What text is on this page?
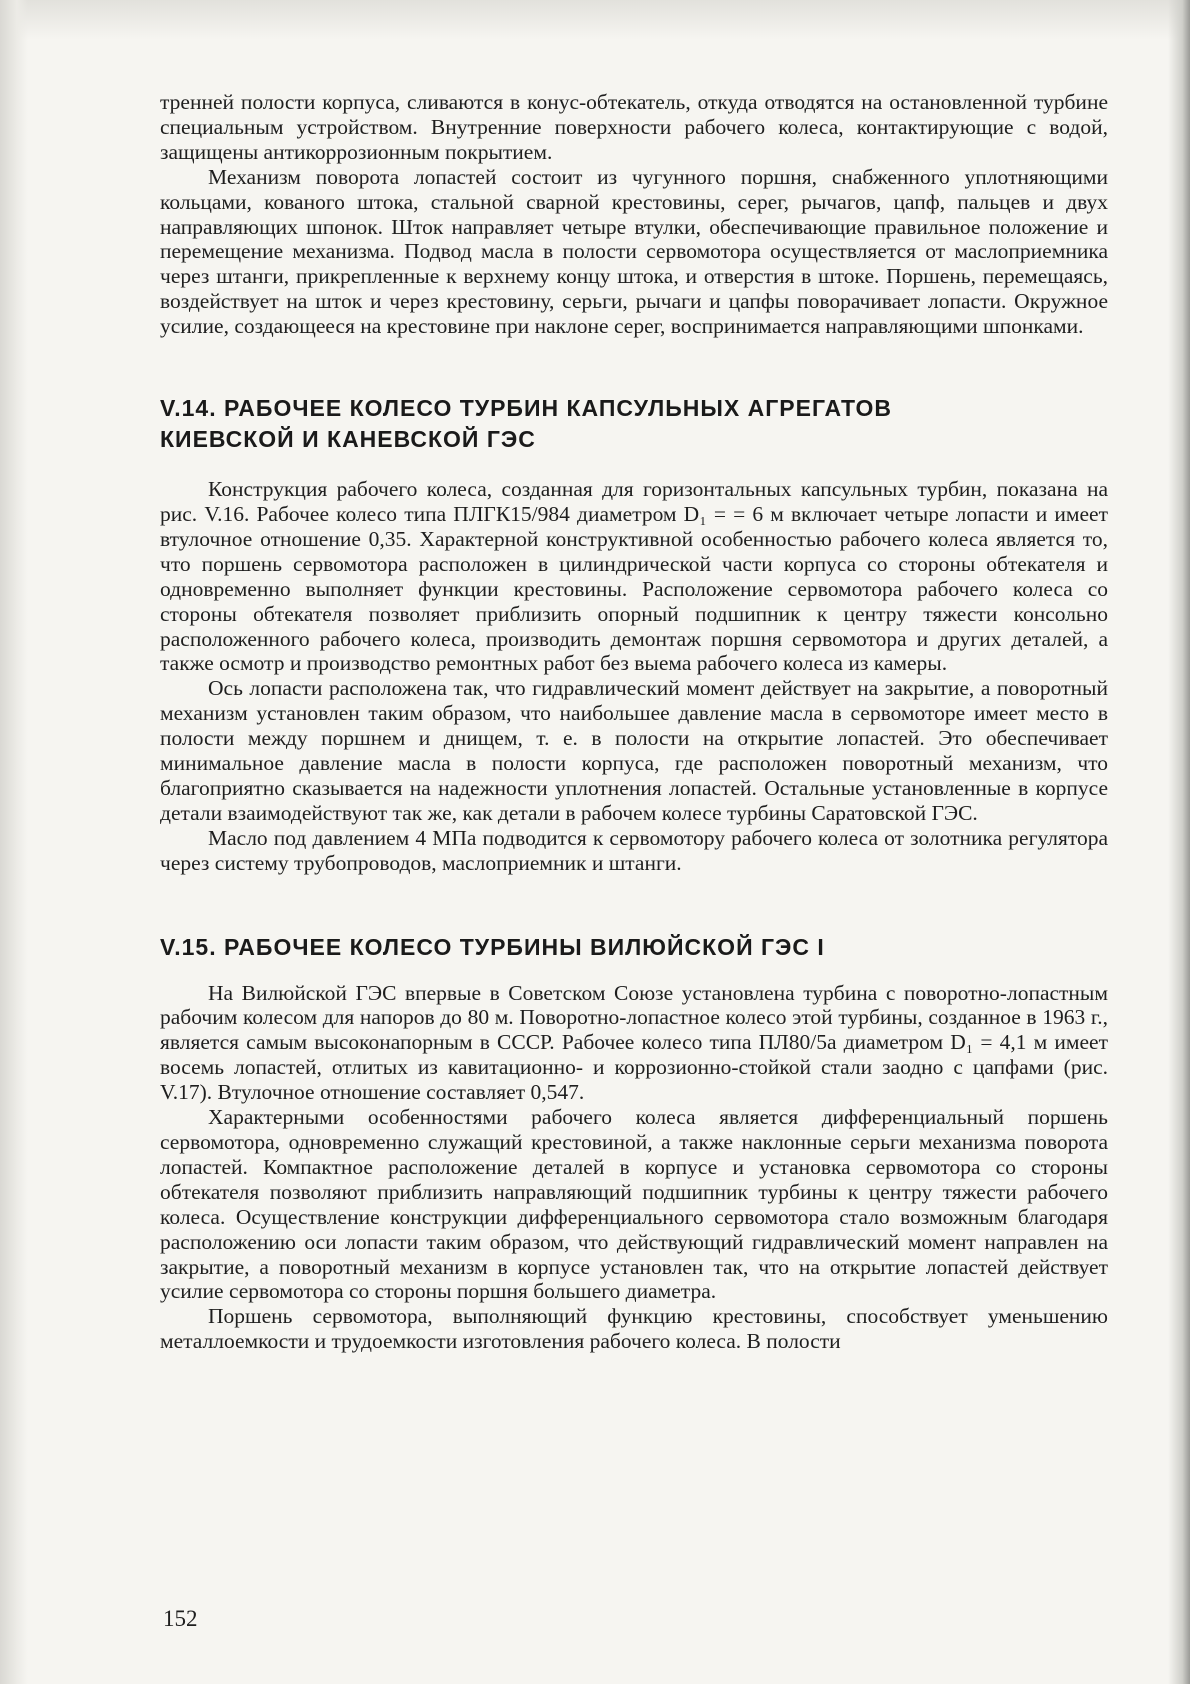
тренней полости корпуса, сливаются в конус-обтекатель, откуда отводятся на остановленной турбине специальным устройством. Внутренние поверхности рабочего колеса, контактирующие с водой, защищены антикоррозионным покрытием.

Механизм поворота лопастей состоит из чугунного поршня, снабженного уплотняющими кольцами, кованого штока, стальной сварной крестовины, серег, рычагов, цапф, пальцев и двух направляющих шпонок. Шток направляет четыре втулки, обеспечивающие правильное положение и перемещение механизма. Подвод масла в полости сервомотора осуществляется от маслоприемника через штанги, прикрепленные к верхнему концу штока, и отверстия в штоке. Поршень, перемещаясь, воздействует на шток и через крестовину, серьги, рычаги и цапфы поворачивает лопасти. Окружное усилие, создающееся на крестовине при наклоне серег, воспринимается направляющими шпонками.

V.14. РАБОЧЕЕ КОЛЕСО ТУРБИН КАПСУЛЬНЫХ АГРЕГАТОВ
КИЕВСКОЙ И КАНЕВСКОЙ ГЭС

Конструкция рабочего колеса, созданная для горизонтальных капсульных турбин, показана на рис. V.16. Рабочее колесо типа ПЛГК15/984 диаметром D₁ = = 6 м включает четыре лопасти и имеет втулочное отношение 0,35. Характерной конструктивной особенностью рабочего колеса является то, что поршень сервомотора расположен в цилиндрической части корпуса со стороны обтекателя и одновременно выполняет функции крестовины. Расположение сервомотора рабочего колеса со стороны обтекателя позволяет приблизить опорный подшипник к центру тяжести консольно расположенного рабочего колеса, производить демонтаж поршня сервомотора и других деталей, а также осмотр и производство ремонтных работ без выема рабочего колеса из камеры.

Ось лопасти расположена так, что гидравлический момент действует на закрытие, а поворотный механизм установлен таким образом, что наибольшее давление масла в сервомоторе имеет место в полости между поршнем и днищем, т. е. в полости на открытие лопастей. Это обеспечивает минимальное давление масла в полости корпуса, где расположен поворотный механизм, что благоприятно сказывается на надежности уплотнения лопастей. Остальные установленные в корпусе детали взаимодействуют так же, как детали в рабочем колесе турбины Саратовской ГЭС.

Масло под давлением 4 МПа подводится к сервомотору рабочего колеса от золотника регулятора через систему трубопроводов, маслоприемник и штанги.

V.15. РАБОЧЕЕ КОЛЕСО ТУРБИНЫ ВИЛЮЙСКОЙ ГЭС I

На Вилюйской ГЭС впервые в Советском Союзе установлена турбина с поворотно-лопастным рабочим колесом для напоров до 80 м. Поворотно-лопастное колесо этой турбины, созданное в 1963 г., является самым высоконапорным в СССР. Рабочее колесо типа ПЛ80/5а диаметром D₁ = 4,1 м имеет восемь лопастей, отлитых из кавитационно- и коррозионно-стойкой стали заодно с цапфами (рис. V.17). Втулочное отношение составляет 0,547.

Характерными особенностями рабочего колеса является дифференциальный поршень сервомотора, одновременно служащий крестовиной, а также наклонные серьги механизма поворота лопастей. Компактное расположение деталей в корпусе и установка сервомотора со стороны обтекателя позволяют приблизить направляющий подшипник турбины к центру тяжести рабочего колеса. Осуществление конструкции дифференциального сервомотора стало возможным благодаря расположению оси лопасти таким образом, что действующий гидравлический момент направлен на закрытие, а поворотный механизм в корпусе установлен так, что на открытие лопастей действует усилие сервомотора со стороны поршня большего диаметра.

Поршень сервомотора, выполняющий функцию крестовины, способствует уменьшению металлоемкости и трудоемкости изготовления рабочего колеса. В полости

152
